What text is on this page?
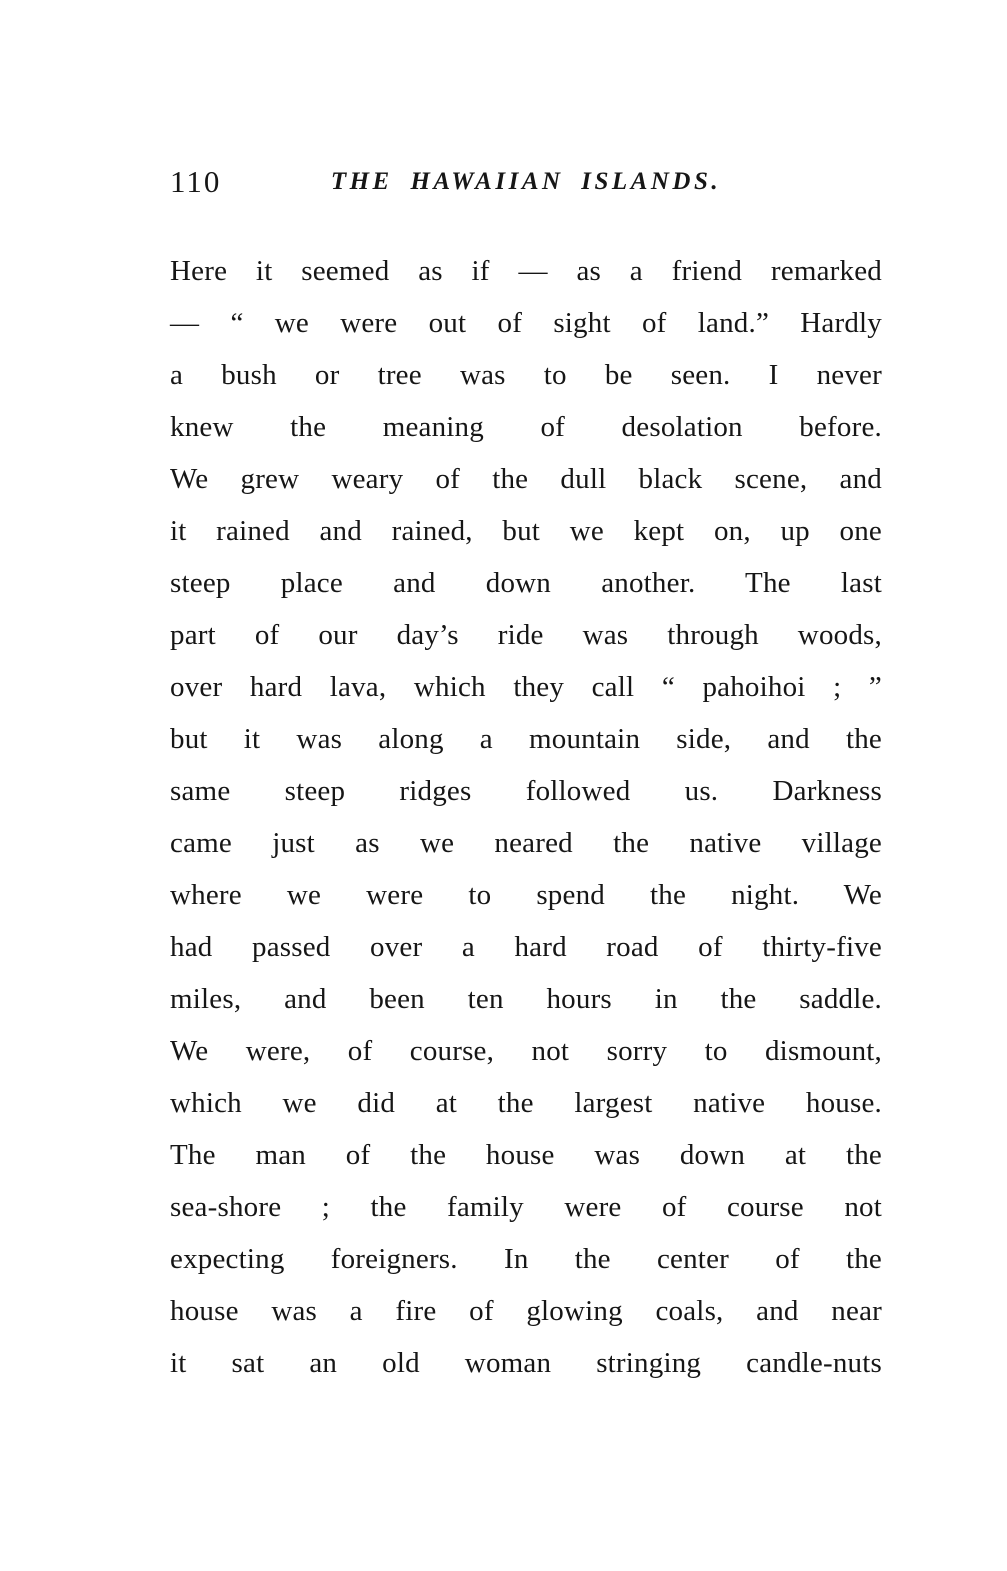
110	THE HAWAIIAN ISLANDS.
Here it seemed as if — as a friend remarked
— “ we were out of sight of land.” Hardly
a bush or tree was to be seen. I never
knew the meaning of desolation before.
We grew weary of the dull black scene, and
it rained and rained, but we kept on, up one
steep place and down another. The last
part of our day’s ride was through woods,
over hard lava, which they call “ pahoihoi ; ”
but it was along a mountain side, and the
same steep ridges followed us. Darkness
came just as we neared the native village
where we were to spend the night. We
had passed over a hard road of thirty-five
miles, and been ten hours in the saddle.
We were, of course, not sorry to dismount,
which we did at the largest native house.
The man of the house was down at the
sea-shore ; the family were of course not
expecting foreigners. In the center of the
house was a fire of glowing coals, and near
it sat an old woman stringing candle-nuts
